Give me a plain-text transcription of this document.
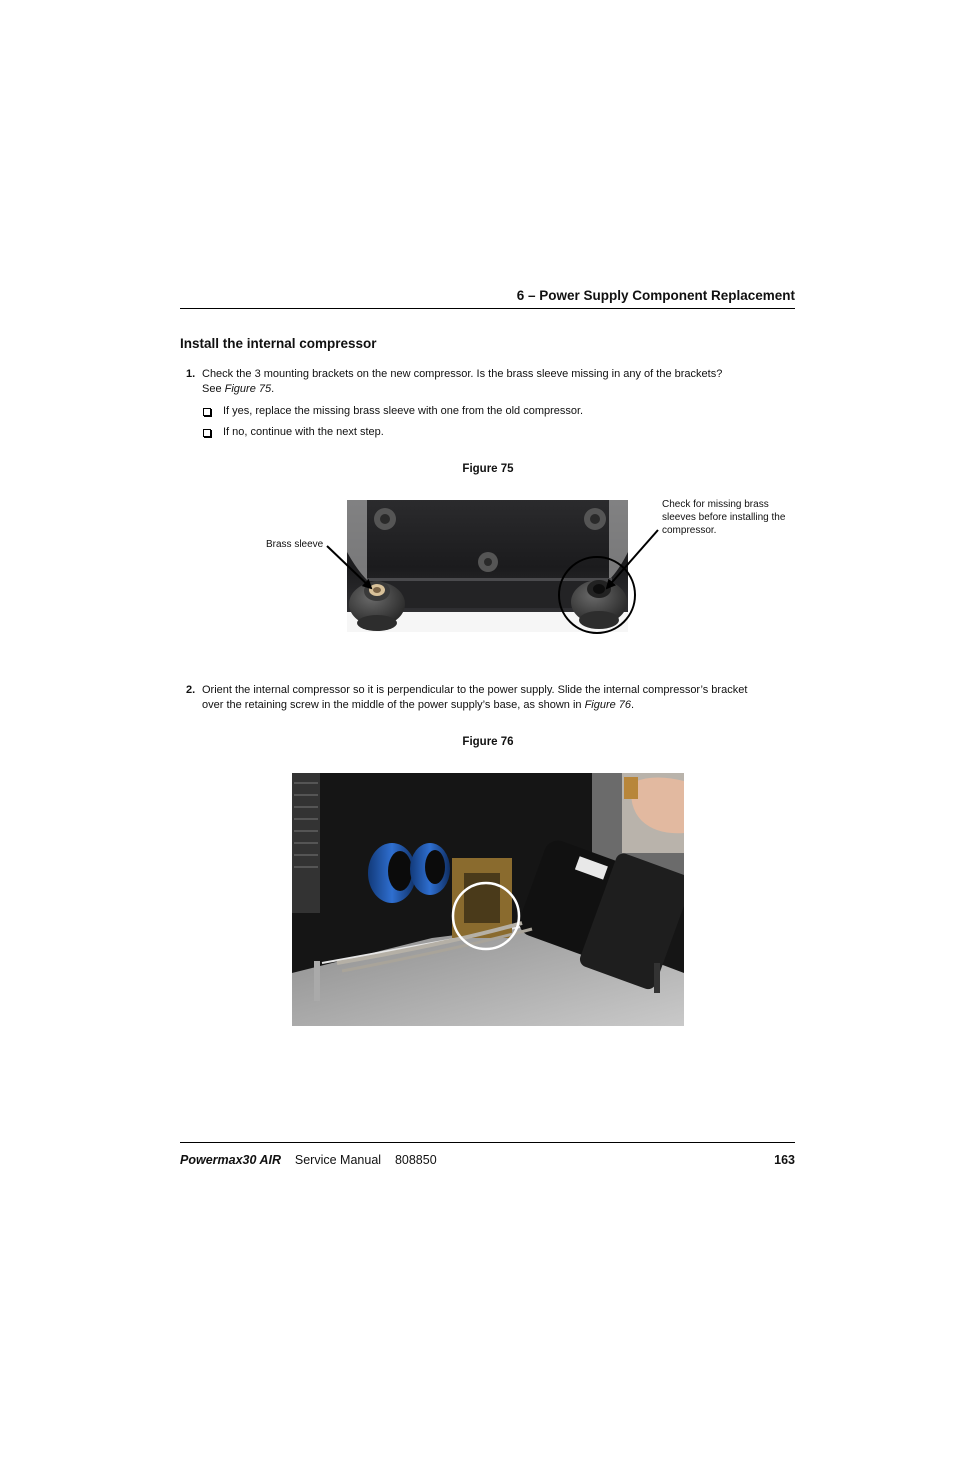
6 – Power Supply Component Replacement
Install the internal compressor
1. Check the 3 mounting brackets on the new compressor. Is the brass sleeve missing in any of the brackets?
See Figure 75.
If yes, replace the missing brass sleeve with one from the old compressor.
If no, continue with the next step.
Figure 75
Brass sleeve
Check for missing brass
sleeves before installing the
compressor.
2. Orient the internal compressor so it is perpendicular to the power supply. Slide the internal compressor’s bracket
over the retaining screw in the middle of the power supply’s base, as shown in Figure 76.
Figure 76
Powermax30 AIR Service Manual 808850	163
